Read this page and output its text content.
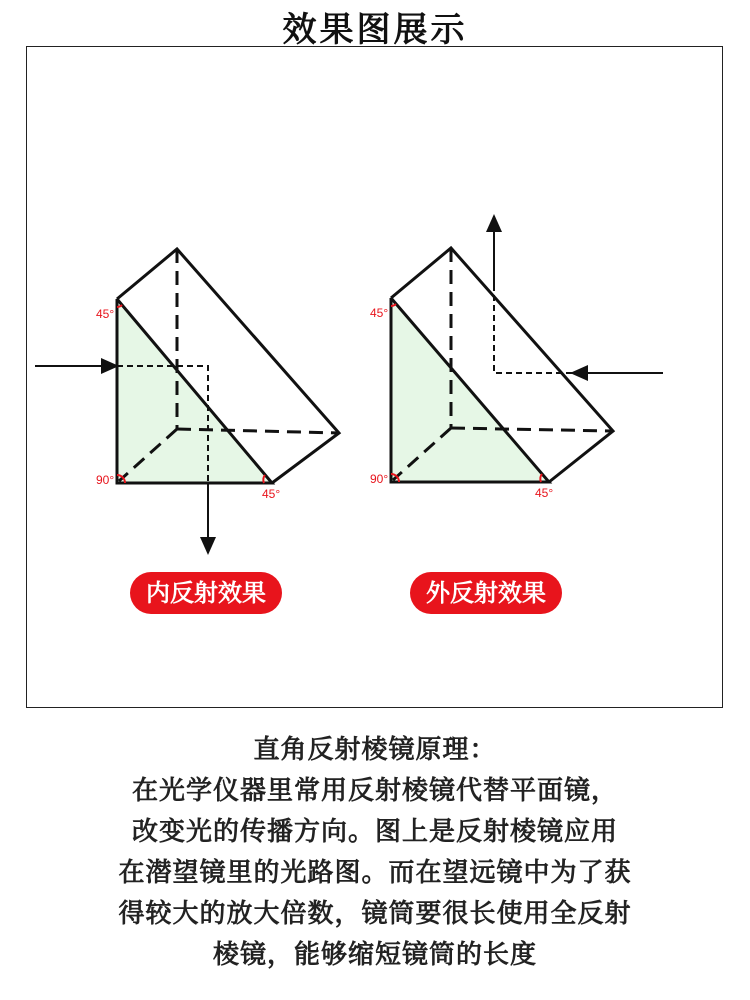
效果图展示
45°
90°
45°
45°
90°
45°
内反射效果	外反射效果
直角反射棱镜原理：
在光学仪器里常用反射棱镜代替平面镜，
改变光的传播方向。图上是反射棱镜应用
在潜望镜里的光路图。而在望远镜中为了获
得较大的放大倍数，镜筒要很长使用全反射
棱镜，能够缩短镜筒的长度
